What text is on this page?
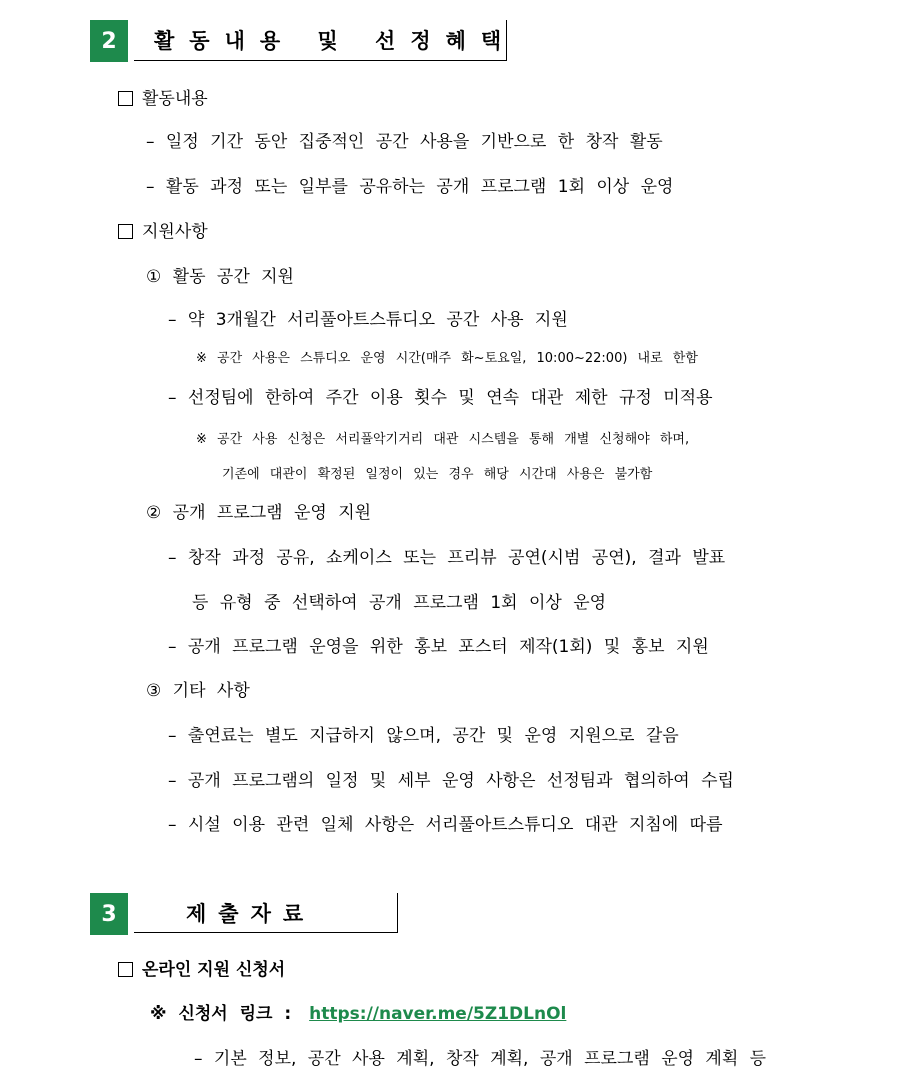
2	활동내용 및 선정혜택
활동내용
– 일정 기간 동안 집중적인 공간 사용을 기반으로 한 창작 활동
– 활동 과정 또는 일부를 공유하는 공개 프로그램 1회 이상 운영
지원사항
① 활동 공간 지원
– 약 3개월간 서리풀아트스튜디오 공간 사용 지원
※ 공간 사용은 스튜디오 운영 시간(매주 화~토요일, 10:00~22:00) 내로 한함
– 선정팀에 한하여 주간 이용 횟수 및 연속 대관 제한 규정 미적용
※ 공간 사용 신청은 서리풀악기거리 대관 시스템을 통해 개별 신청해야 하며,
기존에 대관이 확정된 일정이 있는 경우 해당 시간대 사용은 불가함
② 공개 프로그램 운영 지원
– 창작 과정 공유, 쇼케이스 또는 프리뷰 공연(시범 공연), 결과 발표
등 유형 중 선택하여 공개 프로그램 1회 이상 운영
– 공개 프로그램 운영을 위한 홍보 포스터 제작(1회) 및 홍보 지원
③ 기타 사항
– 출연료는 별도 지급하지 않으며, 공간 및 운영 지원으로 갈음
– 공개 프로그램의 일정 및 세부 운영 사항은 선정팀과 협의하여 수립
– 시설 이용 관련 일체 사항은 서리풀아트스튜디오 대관 지침에 따름
3	제출자료
온라인 지원 신청서
※ 신청서 링크 : https://naver.me/5Z1DLnOl
– 기본 정보, 공간 사용 계획, 창작 계획, 공개 프로그램 운영 계획 등
